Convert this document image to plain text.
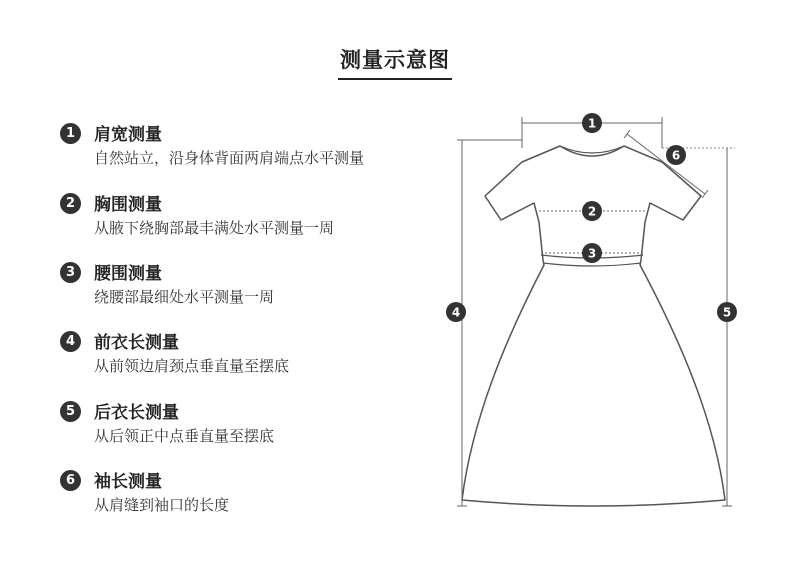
测量示意图
1	肩宽测量
自然站立，沿身体背面两肩端点水平测量
2	胸围测量
从腋下绕胸部最丰满处水平测量一周
3	腰围测量
绕腰部最细处水平测量一周
4	前衣长测量
从前领边肩颈点垂直量至摆底
5	后衣长测量
从后领正中点垂直量至摆底
6	袖长测量
从肩缝到袖口的长度
1
6
2
3
4	5
